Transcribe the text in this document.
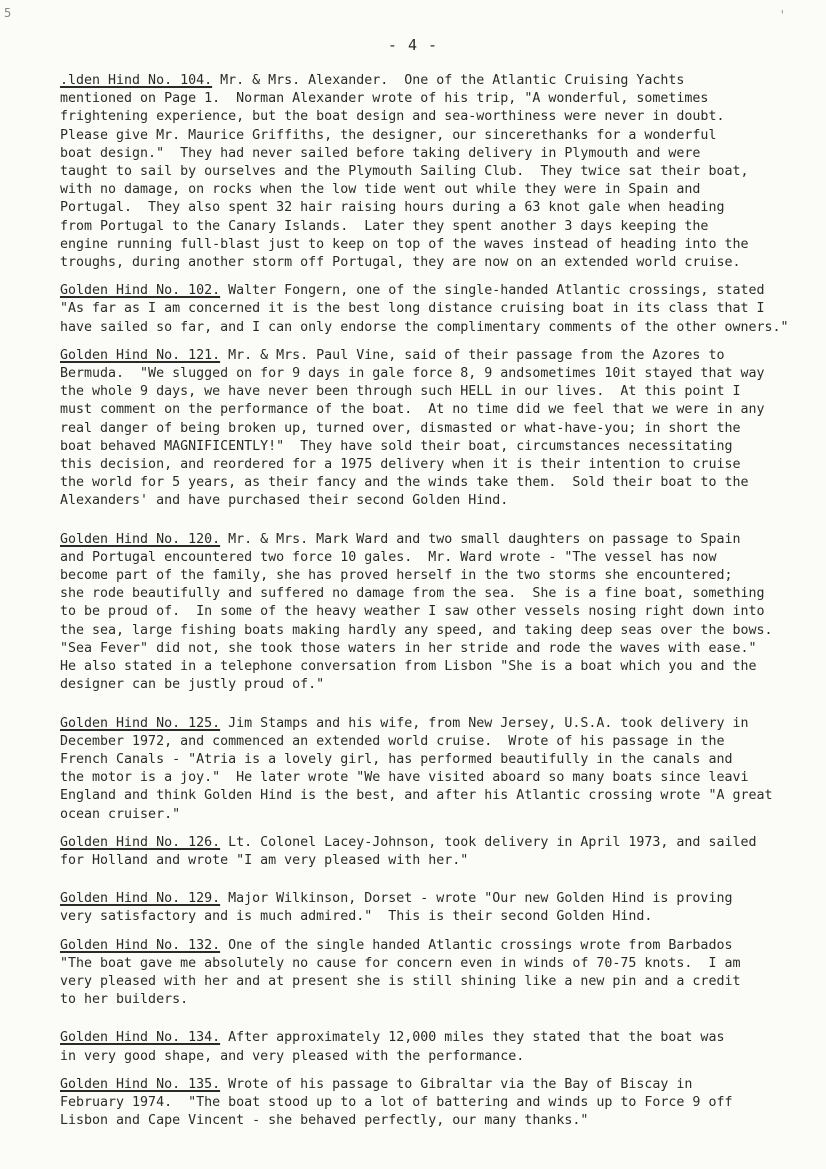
5	'
- 4 -

.lden Hind No. 104. Mr. & Mrs. Alexander.  One of the Atlantic Cruising Yachts
mentioned on Page 1.  Norman Alexander wrote of his trip, "A wonderful, sometimes
frightening experience, but the boat design and sea-worthiness were never in doubt.
Please give Mr. Maurice Griffiths, the designer, our sincerethanks for a wonderful
boat design."  They had never sailed before taking delivery in Plymouth and were
taught to sail by ourselves and the Plymouth Sailing Club.  They twice sat their boat,
with no damage, on rocks when the low tide went out while they were in Spain and
Portugal.  They also spent 32 hair raising hours during a 63 knot gale when heading
from Portugal to the Canary Islands.  Later they spent another 3 days keeping the
engine running full-blast just to keep on top of the waves instead of heading into the
troughs, during another storm off Portugal, they are now on an extended world cruise.

Golden Hind No. 102. Walter Fongern, one of the single-handed Atlantic crossings, stated
"As far as I am concerned it is the best long distance cruising boat in its class that I
have sailed so far, and I can only endorse the complimentary comments of the other owners."

Golden Hind No. 121. Mr. & Mrs. Paul Vine, said of their passage from the Azores to
Bermuda.  "We slugged on for 9 days in gale force 8, 9 andsometimes 10it stayed that way
the whole 9 days, we have never been through such HELL in our lives.  At this point I
must comment on the performance of the boat.  At no time did we feel that we were in any
real danger of being broken up, turned over, dismasted or what-have-you; in short the
boat behaved MAGNIFICENTLY!"  They have sold their boat, circumstances necessitating
this decision, and reordered for a 1975 delivery when it is their intention to cruise
the world for 5 years, as their fancy and the winds take them.  Sold their boat to the
Alexanders' and have purchased their second Golden Hind.

Golden Hind No. 120. Mr. & Mrs. Mark Ward and two small daughters on passage to Spain
and Portugal encountered two force 10 gales.  Mr. Ward wrote - "The vessel has now
become part of the family, she has proved herself in the two storms she encountered;
she rode beautifully and suffered no damage from the sea.  She is a fine boat, something
to be proud of.  In some of the heavy weather I saw other vessels nosing right down into
the sea, large fishing boats making hardly any speed, and taking deep seas over the bows.
"Sea Fever" did not, she took those waters in her stride and rode the waves with ease."
He also stated in a telephone conversation from Lisbon "She is a boat which you and the
designer can be justly proud of."

Golden Hind No. 125. Jim Stamps and his wife, from New Jersey, U.S.A. took delivery in
December 1972, and commenced an extended world cruise.  Wrote of his passage in the
French Canals - "Atria is a lovely girl, has performed beautifully in the canals and
the motor is a joy."  He later wrote "We have visited aboard so many boats since leavi
England and think Golden Hind is the best, and after his Atlantic crossing wrote "A great
ocean cruiser."

Golden Hind No. 126. Lt. Colonel Lacey-Johnson, took delivery in April 1973, and sailed
for Holland and wrote "I am very pleased with her."

Golden Hind No. 129. Major Wilkinson, Dorset - wrote "Our new Golden Hind is proving
very satisfactory and is much admired."  This is their second Golden Hind.

Golden Hind No. 132. One of the single handed Atlantic crossings wrote from Barbados
"The boat gave me absolutely no cause for concern even in winds of 70-75 knots.  I am
very pleased with her and at present she is still shining like a new pin and a credit
to her builders.

Golden Hind No. 134. After approximately 12,000 miles they stated that the boat was
in very good shape, and very pleased with the performance.

Golden Hind No. 135. Wrote of his passage to Gibraltar via the Bay of Biscay in
February 1974.  "The boat stood up to a lot of battering and winds up to Force 9 off
Lisbon and Cape Vincent - she behaved perfectly, our many thanks."
